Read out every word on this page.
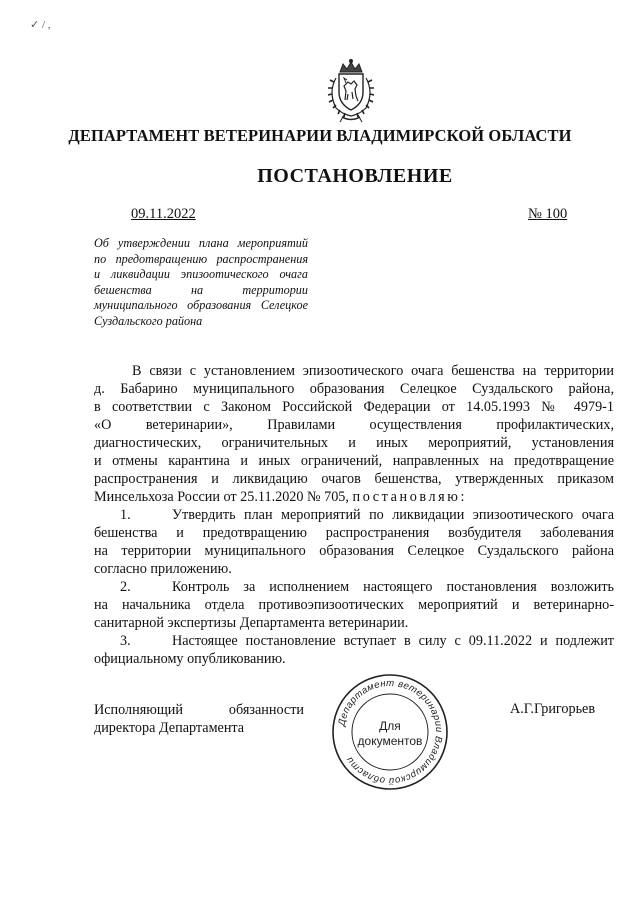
✓ / ,
ДЕПАРТАМЕНТ ВЕТЕРИНАРИИ ВЛАДИМИРСКОЙ ОБЛАСТИ
ПОСТАНОВЛЕНИЕ
09.11.2022	№ 100
Об утверждении плана мероприятий
по предотвращению распространения
и ликвидации эпизоотического очага
бешенства на территории
муниципального образования Селецкое
Суздальского района
В связи с установлением эпизоотического очага бешенства на территории
д. Бабарино муниципального образования Селецкое Суздальского района,
в соответствии с Законом Российской Федерации от 14.05.1993 № 4979-1
«О ветеринарии», Правилами осуществления профилактических,
диагностических, ограничительных и иных мероприятий, установления
и отмены карантина и иных ограничений, направленных на предотвращение
распространения и ликвидацию очагов бешенства, утвержденных приказом
Минсельхоза России от 25.11.2020 № 705, постановляю:
1.	Утвердить план мероприятий по ликвидации эпизоотического очага
бешенства и предотвращению распространения возбудителя заболевания
на территории муниципального образования Селецкое Суздальского района
согласно приложению.
2.	Контроль за исполнением настоящего постановления возложить
на начальника отдела противоэпизоотических мероприятий и ветеринарно-
санитарной экспертизы Департамента ветеринарии.
3.	Настоящее постановление вступает в силу с 09.11.2022 и подлежит
официальному опубликованию.
Исполняющий обязанности
директора Департамента
А.Г.Григорьев
Департамент ветеринарии Владимирской области
Для
документов
